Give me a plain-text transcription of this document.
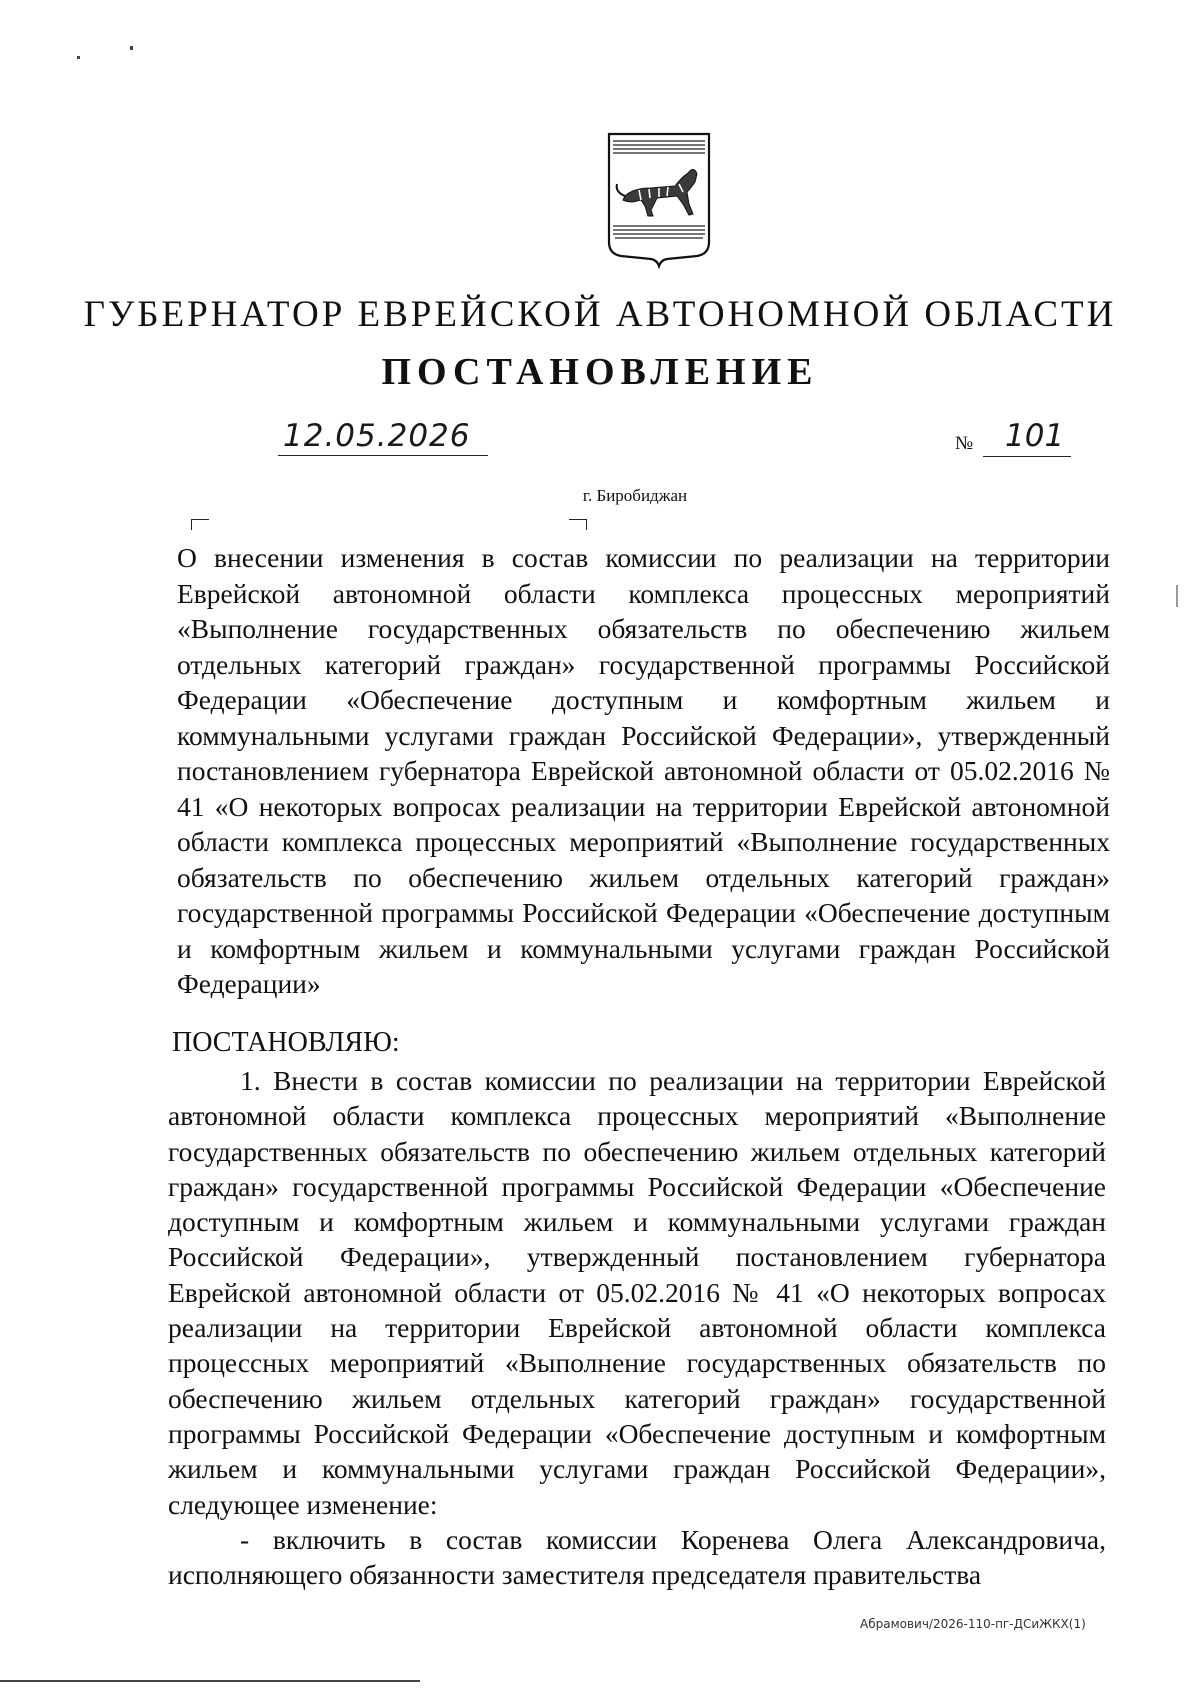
ГУБЕРНАТОР ЕВРЕЙСКОЙ АВТОНОМНОЙ ОБЛАСТИ
ПОСТАНОВЛЕНИЕ
12.05.2026	№ 101
г. Биробиджан
О внесении изменения в состав комиссии по реализации на территории Еврейской автономной области комплекса процессных мероприятий «Выполнение государственных обязательств по обеспечению жильем отдельных категорий граждан» государственной программы Российской Федерации «Обеспечение доступным и комфортным жильем и коммунальными услугами граждан Российской Федерации», утвержденный постановлением губернатора Еврейской автономной области от 05.02.2016 № 41 «О некоторых вопросах реализации на территории Еврейской автономной области комплекса процессных мероприятий «Выполнение государственных обязательств по обеспечению жильем отдельных категорий граждан» государственной программы Российской Федерации «Обеспечение доступным и комфортным жильем и коммунальными услугами граждан Российской Федерации»
ПОСТАНОВЛЯЮ:

1. Внести в состав комиссии по реализации на территории Еврейской автономной области комплекса процессных мероприятий «Выполнение государственных обязательств по обеспечению жильем отдельных категорий граждан» государственной программы Российской Федерации «Обеспечение доступным и комфортным жильем и коммунальными услугами граждан Российской Федерации», утвержденный постановлением губернатора Еврейской автономной области от 05.02.2016 № 41 «О некоторых вопросах реализации на территории Еврейской автономной области комплекса процессных мероприятий «Выполнение государственных обязательств по обеспечению жильем отдельных категорий граждан» государственной программы Российской Федерации «Обеспечение доступным и комфортным жильем и коммунальными услугами граждан Российской Федерации», следующее изменение:

- включить в состав комиссии Коренева Олега Александровича, исполняющего обязанности заместителя председателя правительства

Абрамович/2026-110-пг-ДСиЖКХ(1)
